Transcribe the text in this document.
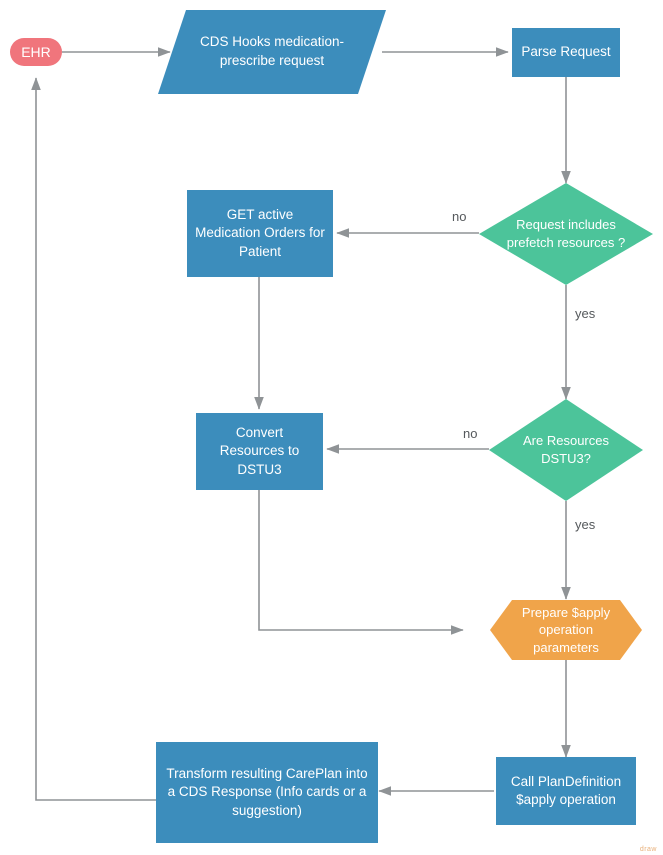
EHR
CDS Hooks medication-prescribe request
Parse Request
Request includes prefetch resources ?
GET active Medication Orders for Patient
Are Resources DSTU3?
Convert Resources to DSTU3
Prepare $apply operation parameters
Call PlanDefinition $apply operation
Transform resulting CarePlan into a CDS Response (Info cards or a suggestion)
no
yes
no
yes
draw
